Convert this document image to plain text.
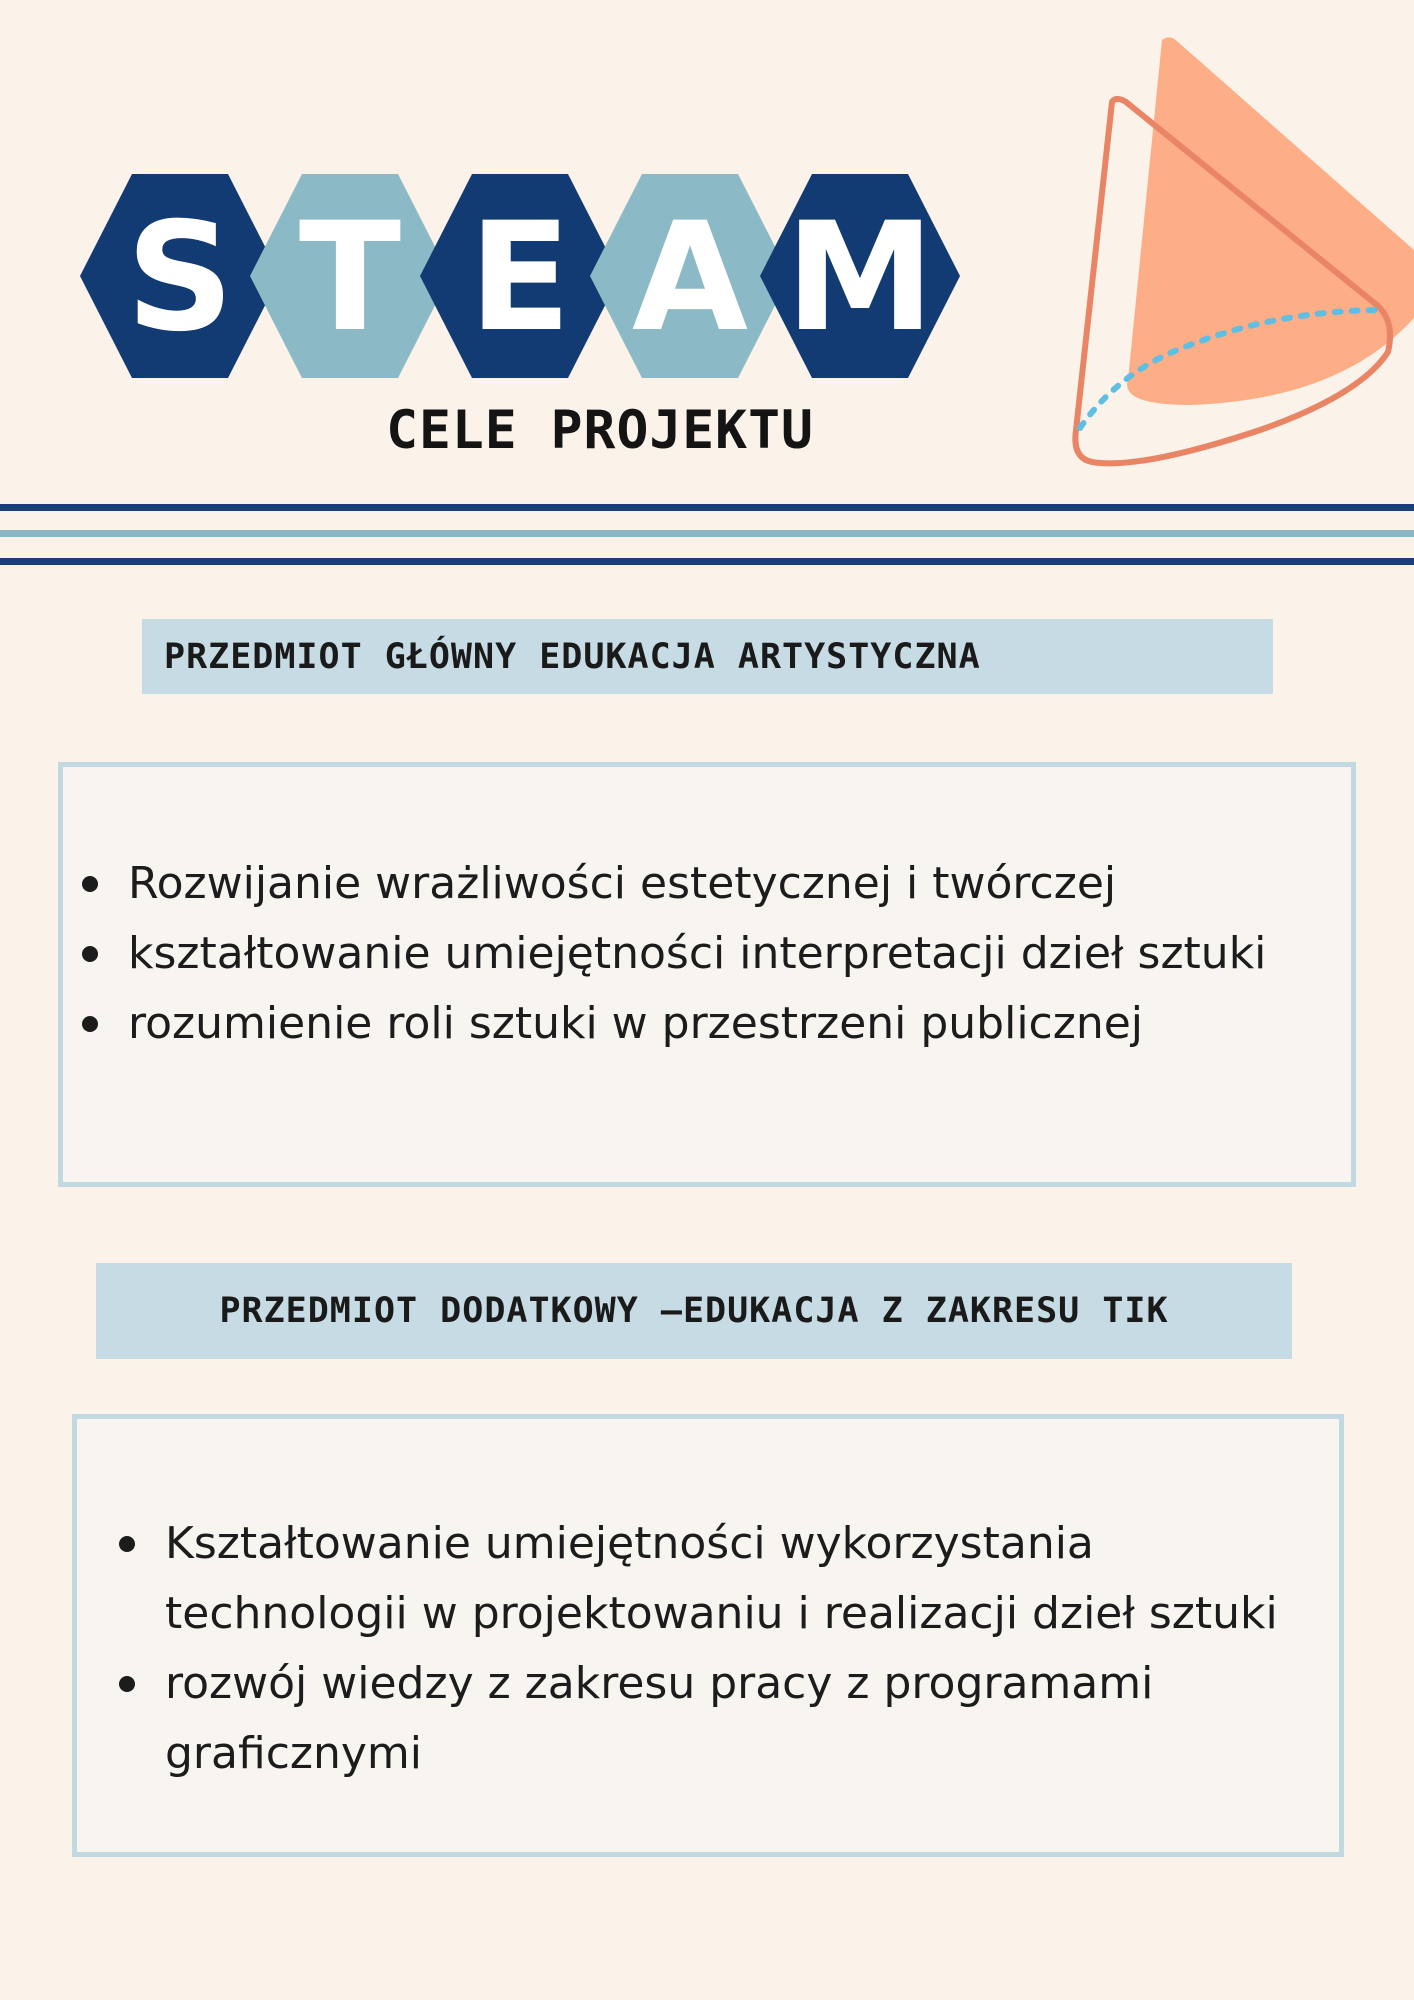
S T E A M
CELE PROJEKTU
PRZEDMIOT GŁÓWNY EDUKACJA ARTYSTYCZNA
Rozwijanie wrażliwości estetycznej i twórczej
kształtowanie umiejętności interpretacji dzieł sztuki
rozumienie roli sztuki w przestrzeni publicznej
PRZEDMIOT DODATKOWY –EDUKACJA Z ZAKRESU TIK
Kształtowanie umiejętności wykorzystania technologii w projektowaniu i realizacji dzieł sztuki
rozwój wiedzy z zakresu pracy z programami graficznymi
